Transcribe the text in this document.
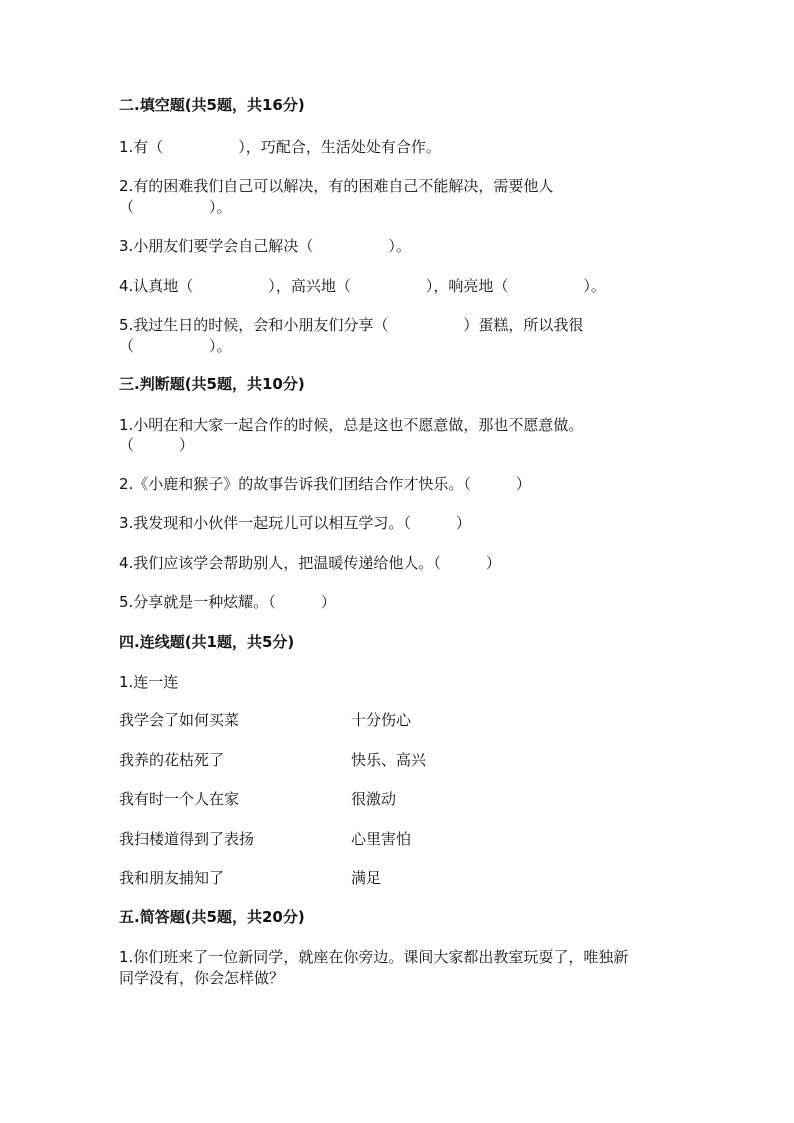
二.填空题(共5题，共16分)
1.有（　　　　　），巧配合，生活处处有合作。
2.有的困难我们自己可以解决，有的困难自己不能解决，需要他人
（　　　　　）。
3.小朋友们要学会自己解决（　　　　　）。
4.认真地（　　　　　），高兴地（　　　　　），响亮地（　　　　　）。
5.我过生日的时候，会和小朋友们分享（　　　　　）蛋糕，所以我很
（　　　　　）。
三.判断题(共5题，共10分)
1.小明在和大家一起合作的时候，总是这也不愿意做，那也不愿意做。
（　　　）
2.《小鹿和猴子》的故事告诉我们团结合作才快乐。（　　　）
3.我发现和小伙伴一起玩儿可以相互学习。（　　　）
4.我们应该学会帮助别人，把温暖传递给他人。（　　　）
5.分享就是一种炫耀。（　　　）
四.连线题(共1题，共5分)
1.连一连
我学会了如何买菜	十分伤心
我养的花枯死了	快乐、高兴
我有时一个人在家	很激动
我扫楼道得到了表扬	心里害怕
我和朋友捕知了	满足
五.简答题(共5题，共20分)
1.你们班来了一位新同学，就座在你旁边。课间大家都出教室玩耍了，唯独新
同学没有，你会怎样做？
